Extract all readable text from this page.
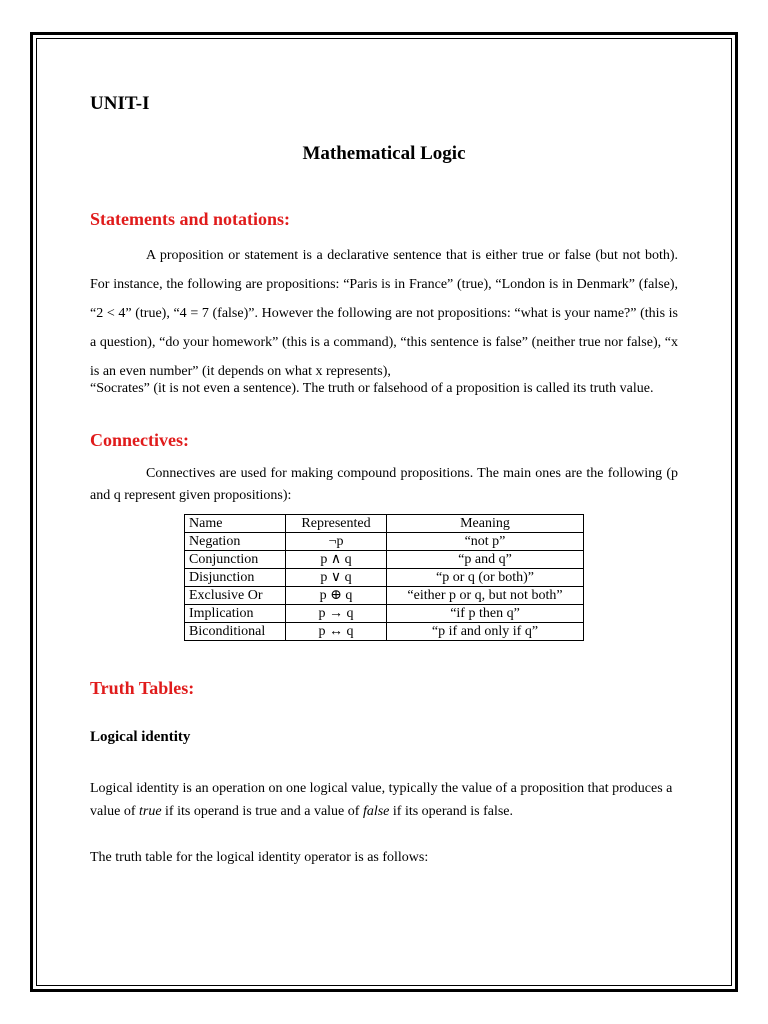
UNIT-I
Mathematical Logic
Statements and notations:
A proposition or statement is a declarative sentence that is either true or false (but not both). For instance, the following are propositions: “Paris is in France” (true), “London is in Denmark” (false), “2 < 4” (true), “4 = 7 (false)”. However the following are not propositions: “what is your name?” (this is a question), “do your homework” (this is a command), “this sentence is false” (neither true nor false), “x is an even number” (it depends on what x represents),
“Socrates” (it is not even a sentence). The truth or falsehood of a proposition is called its truth value.
Connectives:
Connectives are used for making compound propositions. The main ones are the following (p and q represent given propositions):
Name	Represented	Meaning
Negation	¬p	“not p”
Conjunction	p ∧ q	“p and q”
Disjunction	p ∨ q	“p or q (or both)”
Exclusive Or	p ⊕ q	“either p or q, but not both”
Implication	p → q	“if p then q”
Biconditional	p ↔ q	“p if and only if q”
Truth Tables:
Logical identity
Logical identity is an operation on one logical value, typically the value of a proposition that produces a value of true if its operand is true and a value of false if its operand is false.
The truth table for the logical identity operator is as follows:
